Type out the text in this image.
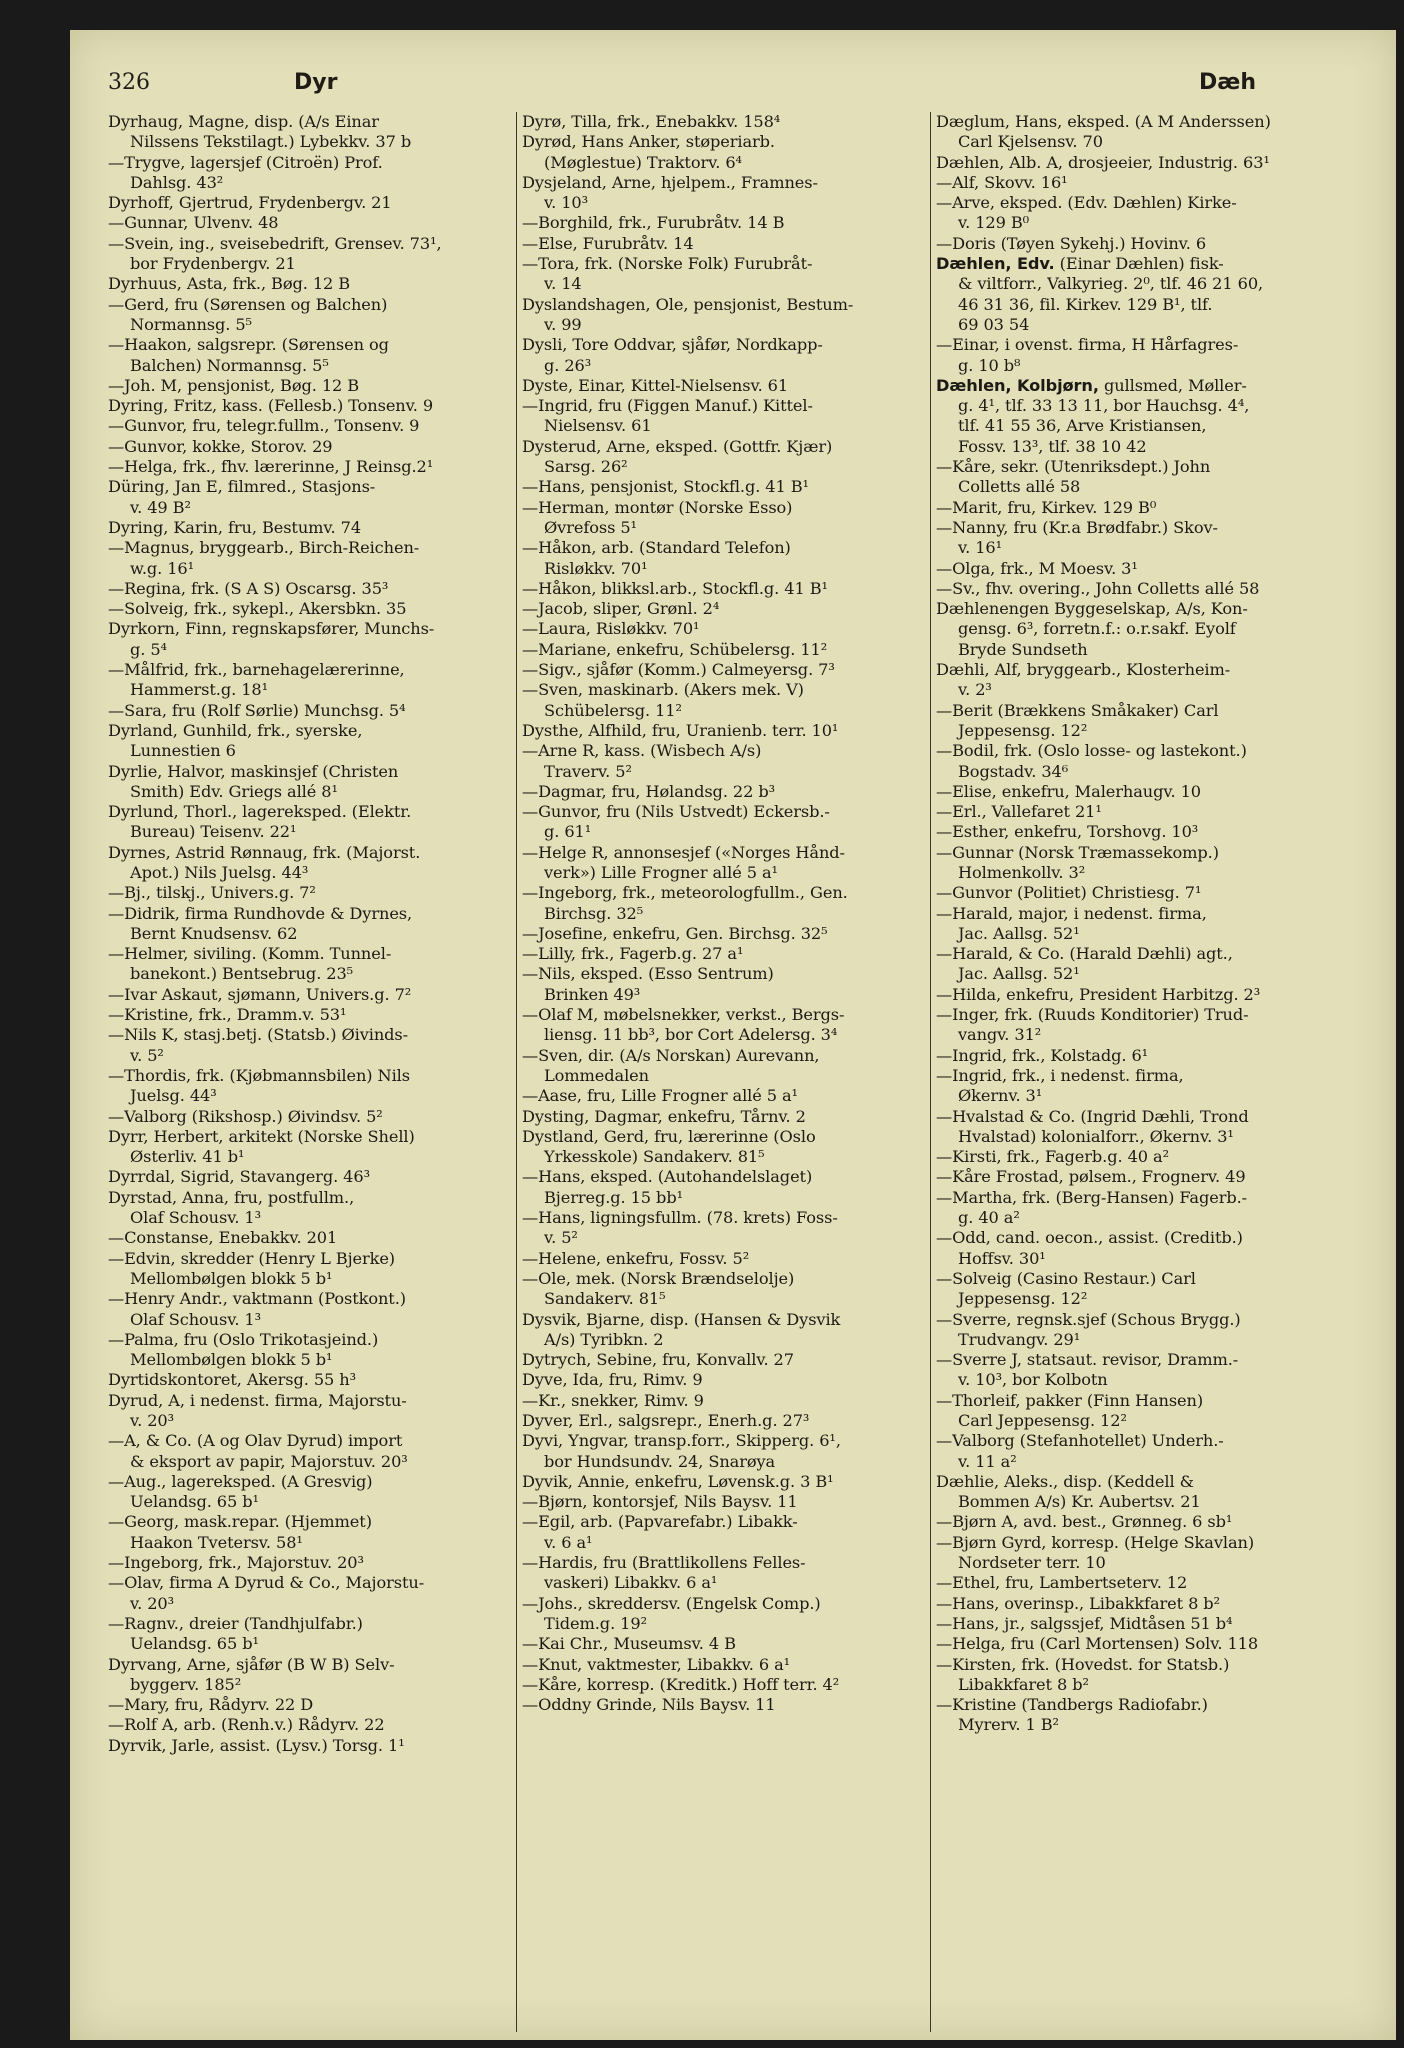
326	Dyr	Dæh
Dyrhaug, Magne, disp. (A/s Einar
Nilssens Tekstilagt.) Lybekkv. 37 b
—Trygve, lagersjef (Citroën) Prof.
Dahlsg. 43²
Dyrhoff, Gjertrud, Frydenbergv. 21
—Gunnar, Ulvenv. 48
—Svein, ing., sveisebedrift, Grensev. 73¹,
bor Frydenbergv. 21
Dyrhuus, Asta, frk., Bøg. 12 B
—Gerd, fru (Sørensen og Balchen)
Normannsg. 5⁵
—Haakon, salgsrepr. (Sørensen og
Balchen) Normannsg. 5⁵
—Joh. M, pensjonist, Bøg. 12 B
Dyring, Fritz, kass. (Fellesb.) Tonsenv. 9
—Gunvor, fru, telegr.fullm., Tonsenv. 9
—Gunvor, kokke, Storov. 29
—Helga, frk., fhv. lærerinne, J Reinsg.2¹
Düring, Jan E, filmred., Stasjons-
v. 49 B²
Dyring, Karin, fru, Bestumv. 74
—Magnus, bryggearb., Birch-Reichen-
w.g. 16¹
—Regina, frk. (S A S) Oscarsg. 35³
—Solveig, frk., sykepl., Akersbkn. 35
Dyrkorn, Finn, regnskapsfører, Munchs-
g. 5⁴
—Målfrid, frk., barnehagelærerinne,
Hammerst.g. 18¹
—Sara, fru (Rolf Sørlie) Munchsg. 5⁴
Dyrland, Gunhild, frk., syerske,
Lunnestien 6
Dyrlie, Halvor, maskinsjef (Christen
Smith) Edv. Griegs allé 8¹
Dyrlund, Thorl., lagereksped. (Elektr.
Bureau) Teisenv. 22¹
Dyrnes, Astrid Rønnaug, frk. (Majorst.
Apot.) Nils Juelsg. 44³
—Bj., tilskj., Univers.g. 7²
—Didrik, firma Rundhovde & Dyrnes,
Bernt Knudsensv. 62
—Helmer, siviling. (Komm. Tunnel-
banekont.) Bentsebrug. 23⁵
—Ivar Askaut, sjømann, Univers.g. 7²
—Kristine, frk., Dramm.v. 53¹
—Nils K, stasj.betj. (Statsb.) Øivinds-
v. 5²
—Thordis, frk. (Kjøbmannsbilen) Nils
Juelsg. 44³
—Valborg (Rikshosp.) Øivindsv. 5²
Dyrr, Herbert, arkitekt (Norske Shell)
Østerliv. 41 b¹
Dyrrdal, Sigrid, Stavangerg. 46³
Dyrstad, Anna, fru, postfullm.,
Olaf Schousv. 1³
—Constanse, Enebakkv. 201
—Edvin, skredder (Henry L Bjerke)
Mellombølgen blokk 5 b¹
—Henry Andr., vaktmann (Postkont.)
Olaf Schousv. 1³
—Palma, fru (Oslo Trikotasjeind.)
Mellombølgen blokk 5 b¹
Dyrtidskontoret, Akersg. 55 h³
Dyrud, A, i nedenst. firma, Majorstu-
v. 20³
—A, & Co. (A og Olav Dyrud) import
& eksport av papir, Majorstuv. 20³
—Aug., lagereksped. (A Gresvig)
Uelandsg. 65 b¹
—Georg, mask.repar. (Hjemmet)
Haakon Tvetersv. 58¹
—Ingeborg, frk., Majorstuv. 20³
—Olav, firma A Dyrud & Co., Majorstu-
v. 20³
—Ragnv., dreier (Tandhjulfabr.)
Uelandsg. 65 b¹
Dyrvang, Arne, sjåfør (B W B) Selv-
byggerv. 185²
—Mary, fru, Rådyrv. 22 D
—Rolf A, arb. (Renh.v.) Rådyrv. 22
Dyrvik, Jarle, assist. (Lysv.) Torsg. 1¹
Dyrø, Tilla, frk., Enebakkv. 158⁴
Dyrød, Hans Anker, støperiarb.
(Møglestue) Traktorv. 6⁴
Dysjeland, Arne, hjelpem., Framnes-
v. 10³
—Borghild, frk., Furubråtv. 14 B
—Else, Furubråtv. 14
—Tora, frk. (Norske Folk) Furubråt-
v. 14
Dyslandshagen, Ole, pensjonist, Bestum-
v. 99
Dysli, Tore Oddvar, sjåfør, Nordkapp-
g. 26³
Dyste, Einar, Kittel-Nielsensv. 61
—Ingrid, fru (Figgen Manuf.) Kittel-
Nielsensv. 61
Dysterud, Arne, eksped. (Gottfr. Kjær)
Sarsg. 26²
—Hans, pensjonist, Stockfl.g. 41 B¹
—Herman, montør (Norske Esso)
Øvrefoss 5¹
—Håkon, arb. (Standard Telefon)
Risløkkv. 70¹
—Håkon, blikksl.arb., Stockfl.g. 41 B¹
—Jacob, sliper, Grønl. 2⁴
—Laura, Risløkkv. 70¹
—Mariane, enkefru, Schübelersg. 11²
—Sigv., sjåfør (Komm.) Calmeyersg. 7³
—Sven, maskinarb. (Akers mek. V)
Schübelersg. 11²
Dysthe, Alfhild, fru, Uranienb. terr. 10¹
—Arne R, kass. (Wisbech A/s)
Traverv. 5²
—Dagmar, fru, Hølandsg. 22 b³
—Gunvor, fru (Nils Ustvedt) Eckersb.-
g. 61¹
—Helge R, annonsesjef («Norges Hånd-
verk») Lille Frogner allé 5 a¹
—Ingeborg, frk., meteorologfullm., Gen.
Birchsg. 32⁵
—Josefine, enkefru, Gen. Birchsg. 32⁵
—Lilly, frk., Fagerb.g. 27 a¹
—Nils, eksped. (Esso Sentrum)
Brinken 49³
—Olaf M, møbelsnekker, verkst., Bergs-
liensg. 11 bb³, bor Cort Adelersg. 3⁴
—Sven, dir. (A/s Norskan) Aurevann,
Lommedalen
—Aase, fru, Lille Frogner allé 5 a¹
Dysting, Dagmar, enkefru, Tårnv. 2
Dystland, Gerd, fru, lærerinne (Oslo
Yrkesskole) Sandakerv. 81⁵
—Hans, eksped. (Autohandelslaget)
Bjerreg.g. 15 bb¹
—Hans, ligningsfullm. (78. krets) Foss-
v. 5²
—Helene, enkefru, Fossv. 5²
—Ole, mek. (Norsk Brændselolje)
Sandakerv. 81⁵
Dysvik, Bjarne, disp. (Hansen & Dysvik
A/s) Tyribkn. 2
Dytrych, Sebine, fru, Konvallv. 27
Dyve, Ida, fru, Rimv. 9
—Kr., snekker, Rimv. 9
Dyver, Erl., salgsrepr., Enerh.g. 27³
Dyvi, Yngvar, transp.forr., Skipperg. 6¹,
bor Hundsundv. 24, Snarøya
Dyvik, Annie, enkefru, Løvensk.g. 3 B¹
—Bjørn, kontorsjef, Nils Baysv. 11
—Egil, arb. (Papvarefabr.) Libakk-
v. 6 a¹
—Hardis, fru (Brattlikollens Felles-
vaskeri) Libakkv. 6 a¹
—Johs., skreddersv. (Engelsk Comp.)
Tidem.g. 19²
—Kai Chr., Museumsv. 4 B
—Knut, vaktmester, Libakkv. 6 a¹
—Kåre, korresp. (Kreditk.) Hoff terr. 4²
—Oddny Grinde, Nils Baysv. 11
Dæglum, Hans, eksped. (A M Anderssen)
Carl Kjelsensv. 70
Dæhlen, Alb. A, drosjeeier, Industrig. 63¹
—Alf, Skovv. 16¹
—Arve, eksped. (Edv. Dæhlen) Kirke-
v. 129 B⁰
—Doris (Tøyen Sykehj.) Hovinv. 6
Dæhlen, Edv. (Einar Dæhlen) fisk-
& viltforr., Valkyrieg. 2⁰, tlf. 46 21 60,
46 31 36, fil. Kirkev. 129 B¹, tlf.
69 03 54
—Einar, i ovenst. firma, H Hårfagres-
g. 10 b⁸
Dæhlen, Kolbjørn, gullsmed, Møller-
g. 4¹, tlf. 33 13 11, bor Hauchsg. 4⁴,
tlf. 41 55 36, Arve Kristiansen,
Fossv. 13³, tlf. 38 10 42
—Kåre, sekr. (Utenriksdept.) John
Colletts allé 58
—Marit, fru, Kirkev. 129 B⁰
—Nanny, fru (Kr.a Brødfabr.) Skov-
v. 16¹
—Olga, frk., M Moesv. 3¹
—Sv., fhv. overing., John Colletts allé 58
Dæhlenengen Byggeselskap, A/s, Kon-
gensg. 6³, forretn.f.: o.r.sakf. Eyolf
Bryde Sundseth
Dæhli, Alf, bryggearb., Klosterheim-
v. 2³
—Berit (Brækkens Småkaker) Carl
Jeppesensg. 12²
—Bodil, frk. (Oslo losse- og lastekont.)
Bogstadv. 34⁶
—Elise, enkefru, Malerhaugv. 10
—Erl., Vallefaret 21¹
—Esther, enkefru, Torshovg. 10³
—Gunnar (Norsk Træmassekomp.)
Holmenkollv. 3²
—Gunvor (Politiet) Christiesg. 7¹
—Harald, major, i nedenst. firma,
Jac. Aallsg. 52¹
—Harald, & Co. (Harald Dæhli) agt.,
Jac. Aallsg. 52¹
—Hilda, enkefru, President Harbitzg. 2³
—Inger, frk. (Ruuds Konditorier) Trud-
vangv. 31²
—Ingrid, frk., Kolstadg. 6¹
—Ingrid, frk., i nedenst. firma,
Økernv. 3¹
—Hvalstad & Co. (Ingrid Dæhli, Trond
Hvalstad) kolonialforr., Økernv. 3¹
—Kirsti, frk., Fagerb.g. 40 a²
—Kåre Frostad, pølsem., Frognerv. 49
—Martha, frk. (Berg-Hansen) Fagerb.-
g. 40 a²
—Odd, cand. oecon., assist. (Creditb.)
Hoffsv. 30¹
—Solveig (Casino Restaur.) Carl
Jeppesensg. 12²
—Sverre, regnsk.sjef (Schous Brygg.)
Trudvangv. 29¹
—Sverre J, statsaut. revisor, Dramm.-
v. 10³, bor Kolbotn
—Thorleif, pakker (Finn Hansen)
Carl Jeppesensg. 12²
—Valborg (Stefanhotellet) Underh.-
v. 11 a²
Dæhlie, Aleks., disp. (Keddell &
Bommen A/s) Kr. Aubertsv. 21
—Bjørn A, avd. best., Grønneg. 6 sb¹
—Bjørn Gyrd, korresp. (Helge Skavlan)
Nordseter terr. 10
—Ethel, fru, Lambertseterv. 12
—Hans, overinsp., Libakkfaret 8 b²
—Hans, jr., salgssjef, Midtåsen 51 b⁴
—Helga, fru (Carl Mortensen) Solv. 118
—Kirsten, frk. (Hovedst. for Statsb.)
Libakkfaret 8 b²
—Kristine (Tandbergs Radiofabr.)
Myrerv. 1 B²
